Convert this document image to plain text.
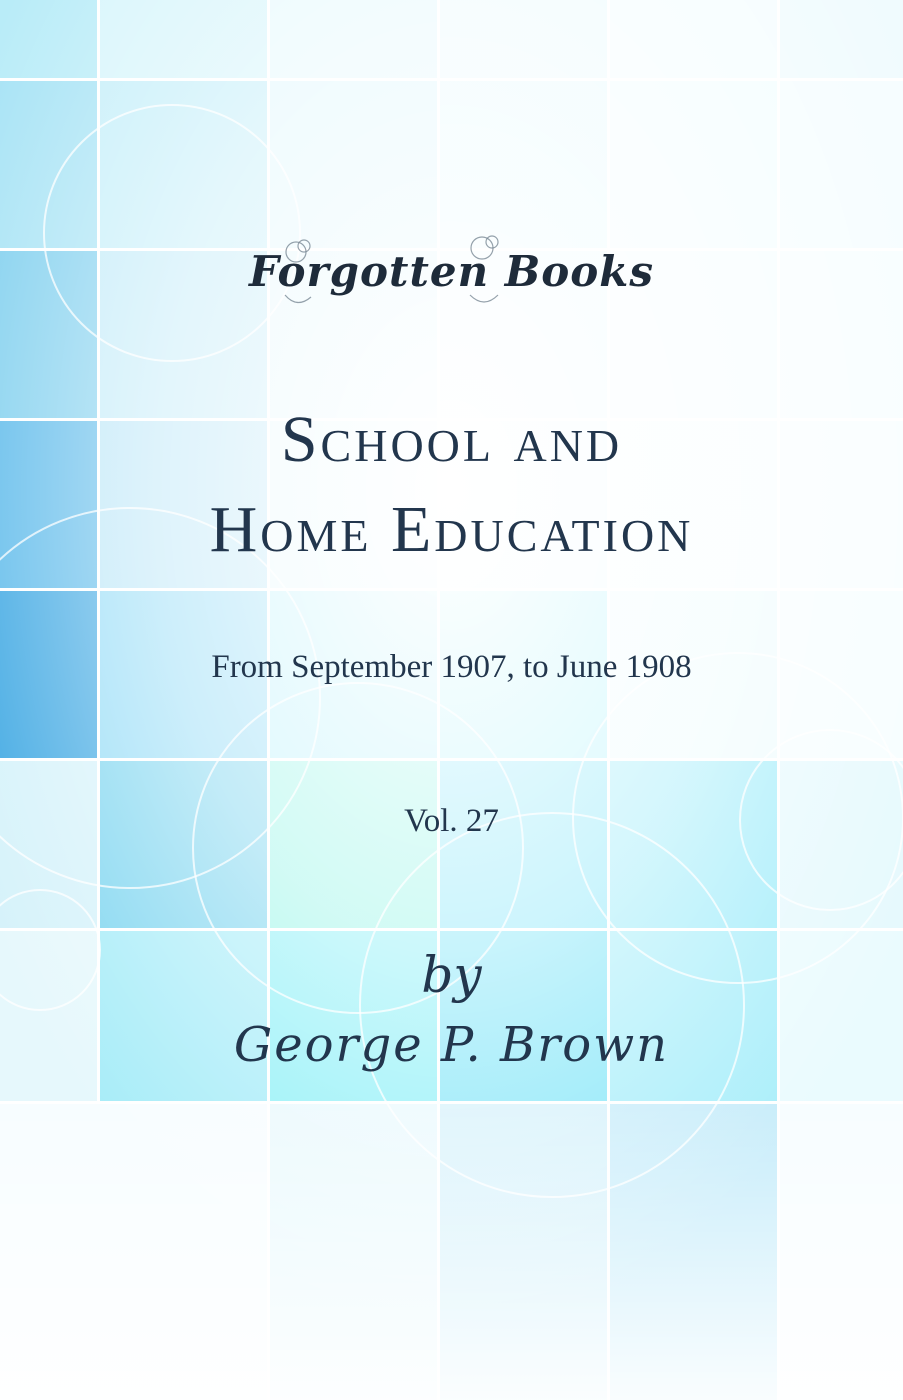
Forgotten Books
School and
Home Education
From September 1907, to June 1908
Vol. 27
by
George P. Brown
